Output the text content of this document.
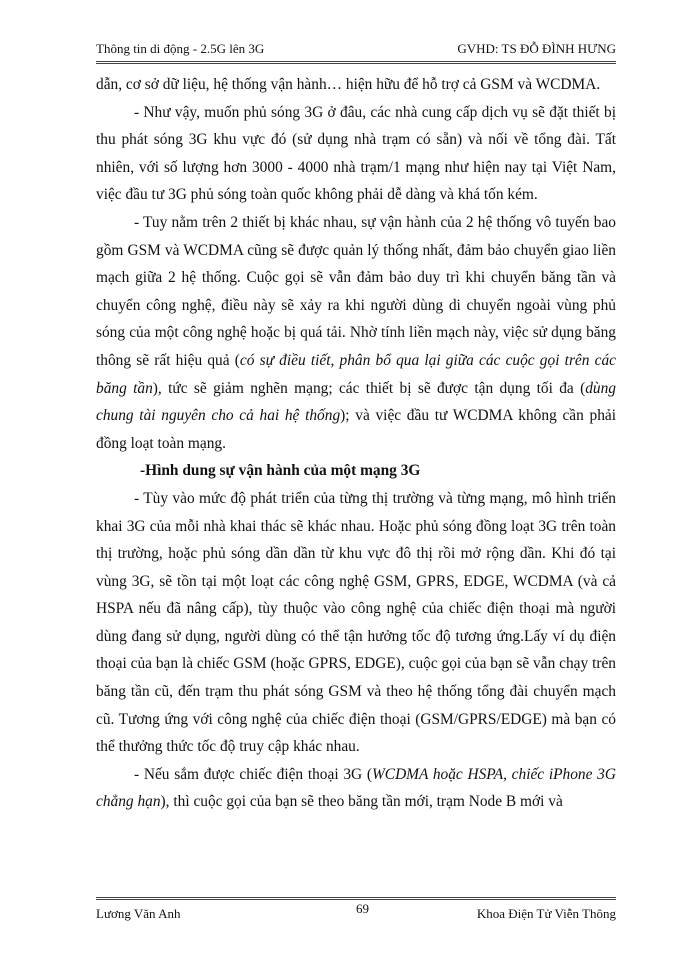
Thông tin di động - 2.5G lên 3G	GVHD: TS ĐỖ ĐÌNH HƯNG

dẫn, cơ sở dữ liệu, hệ thống vận hành… hiện hữu để hỗ trợ cả GSM và WCDMA.

- Như vậy, muốn phủ sóng 3G ở đâu, các nhà cung cấp dịch vụ sẽ đặt thiết bị thu phát sóng 3G khu vực đó (sử dụng nhà trạm có sẵn) và nối về tổng đài. Tất nhiên, với số lượng hơn 3000 - 4000 nhà trạm/1 mạng như hiện nay tại Việt Nam, việc đầu tư 3G phủ sóng toàn quốc không phải dễ dàng và khá tốn kém.

- Tuy nằm trên 2 thiết bị khác nhau, sự vận hành của 2 hệ thống vô tuyến bao gồm GSM và WCDMA cũng sẽ được quản lý thống nhất, đảm bảo chuyển giao liền mạch giữa 2 hệ thống. Cuộc gọi sẽ vẫn đảm bảo duy trì khi chuyển băng tần và chuyển công nghệ, điều này sẽ xảy ra khi người dùng di chuyển ngoài vùng phủ sóng của một công nghệ hoặc bị quá tải. Nhờ tính liền mạch này, việc sử dụng băng thông sẽ rất hiệu quả (có sự điều tiết, phân bổ qua lại giữa các cuộc gọi trên các băng tần), tức sẽ giảm nghẽn mạng; các thiết bị sẽ được tận dụng tối đa (dùng chung tài nguyên cho cả hai hệ thống); và việc đầu tư WCDMA không cần phải đồng loạt toàn mạng.

-Hình dung sự vận hành của một mạng 3G

- Tùy vào mức độ phát triển của từng thị trường và từng mạng, mô hình triển khai 3G của mỗi nhà khai thác sẽ khác nhau. Hoặc phủ sóng đồng loạt 3G trên toàn thị trường, hoặc phủ sóng dần dần từ khu vực đô thị rồi mở rộng dần. Khi đó tại vùng 3G, sẽ tồn tại một loạt các công nghệ GSM, GPRS, EDGE, WCDMA (và cả HSPA nếu đã nâng cấp), tùy thuộc vào công nghệ của chiếc điện thoại mà người dùng đang sử dụng, người dùng có thể tận hưởng tốc độ tương ứng.Lấy ví dụ điện thoại của bạn là chiếc GSM (hoặc GPRS, EDGE), cuộc gọi của bạn sẽ vẫn chạy trên băng tần cũ, đến trạm thu phát sóng GSM và theo hệ thống tổng đài chuyển mạch cũ. Tương ứng với công nghệ của chiếc điện thoại (GSM/GPRS/EDGE) mà bạn có thể thưởng thức tốc độ truy cập khác nhau.

- Nếu sắm được chiếc điện thoại 3G (WCDMA hoặc HSPA, chiếc iPhone 3G chẳng hạn), thì cuộc gọi của bạn sẽ theo băng tần mới, trạm Node B mới và

Lương Văn Anh	69	Khoa Điện Tử Viễn Thông
